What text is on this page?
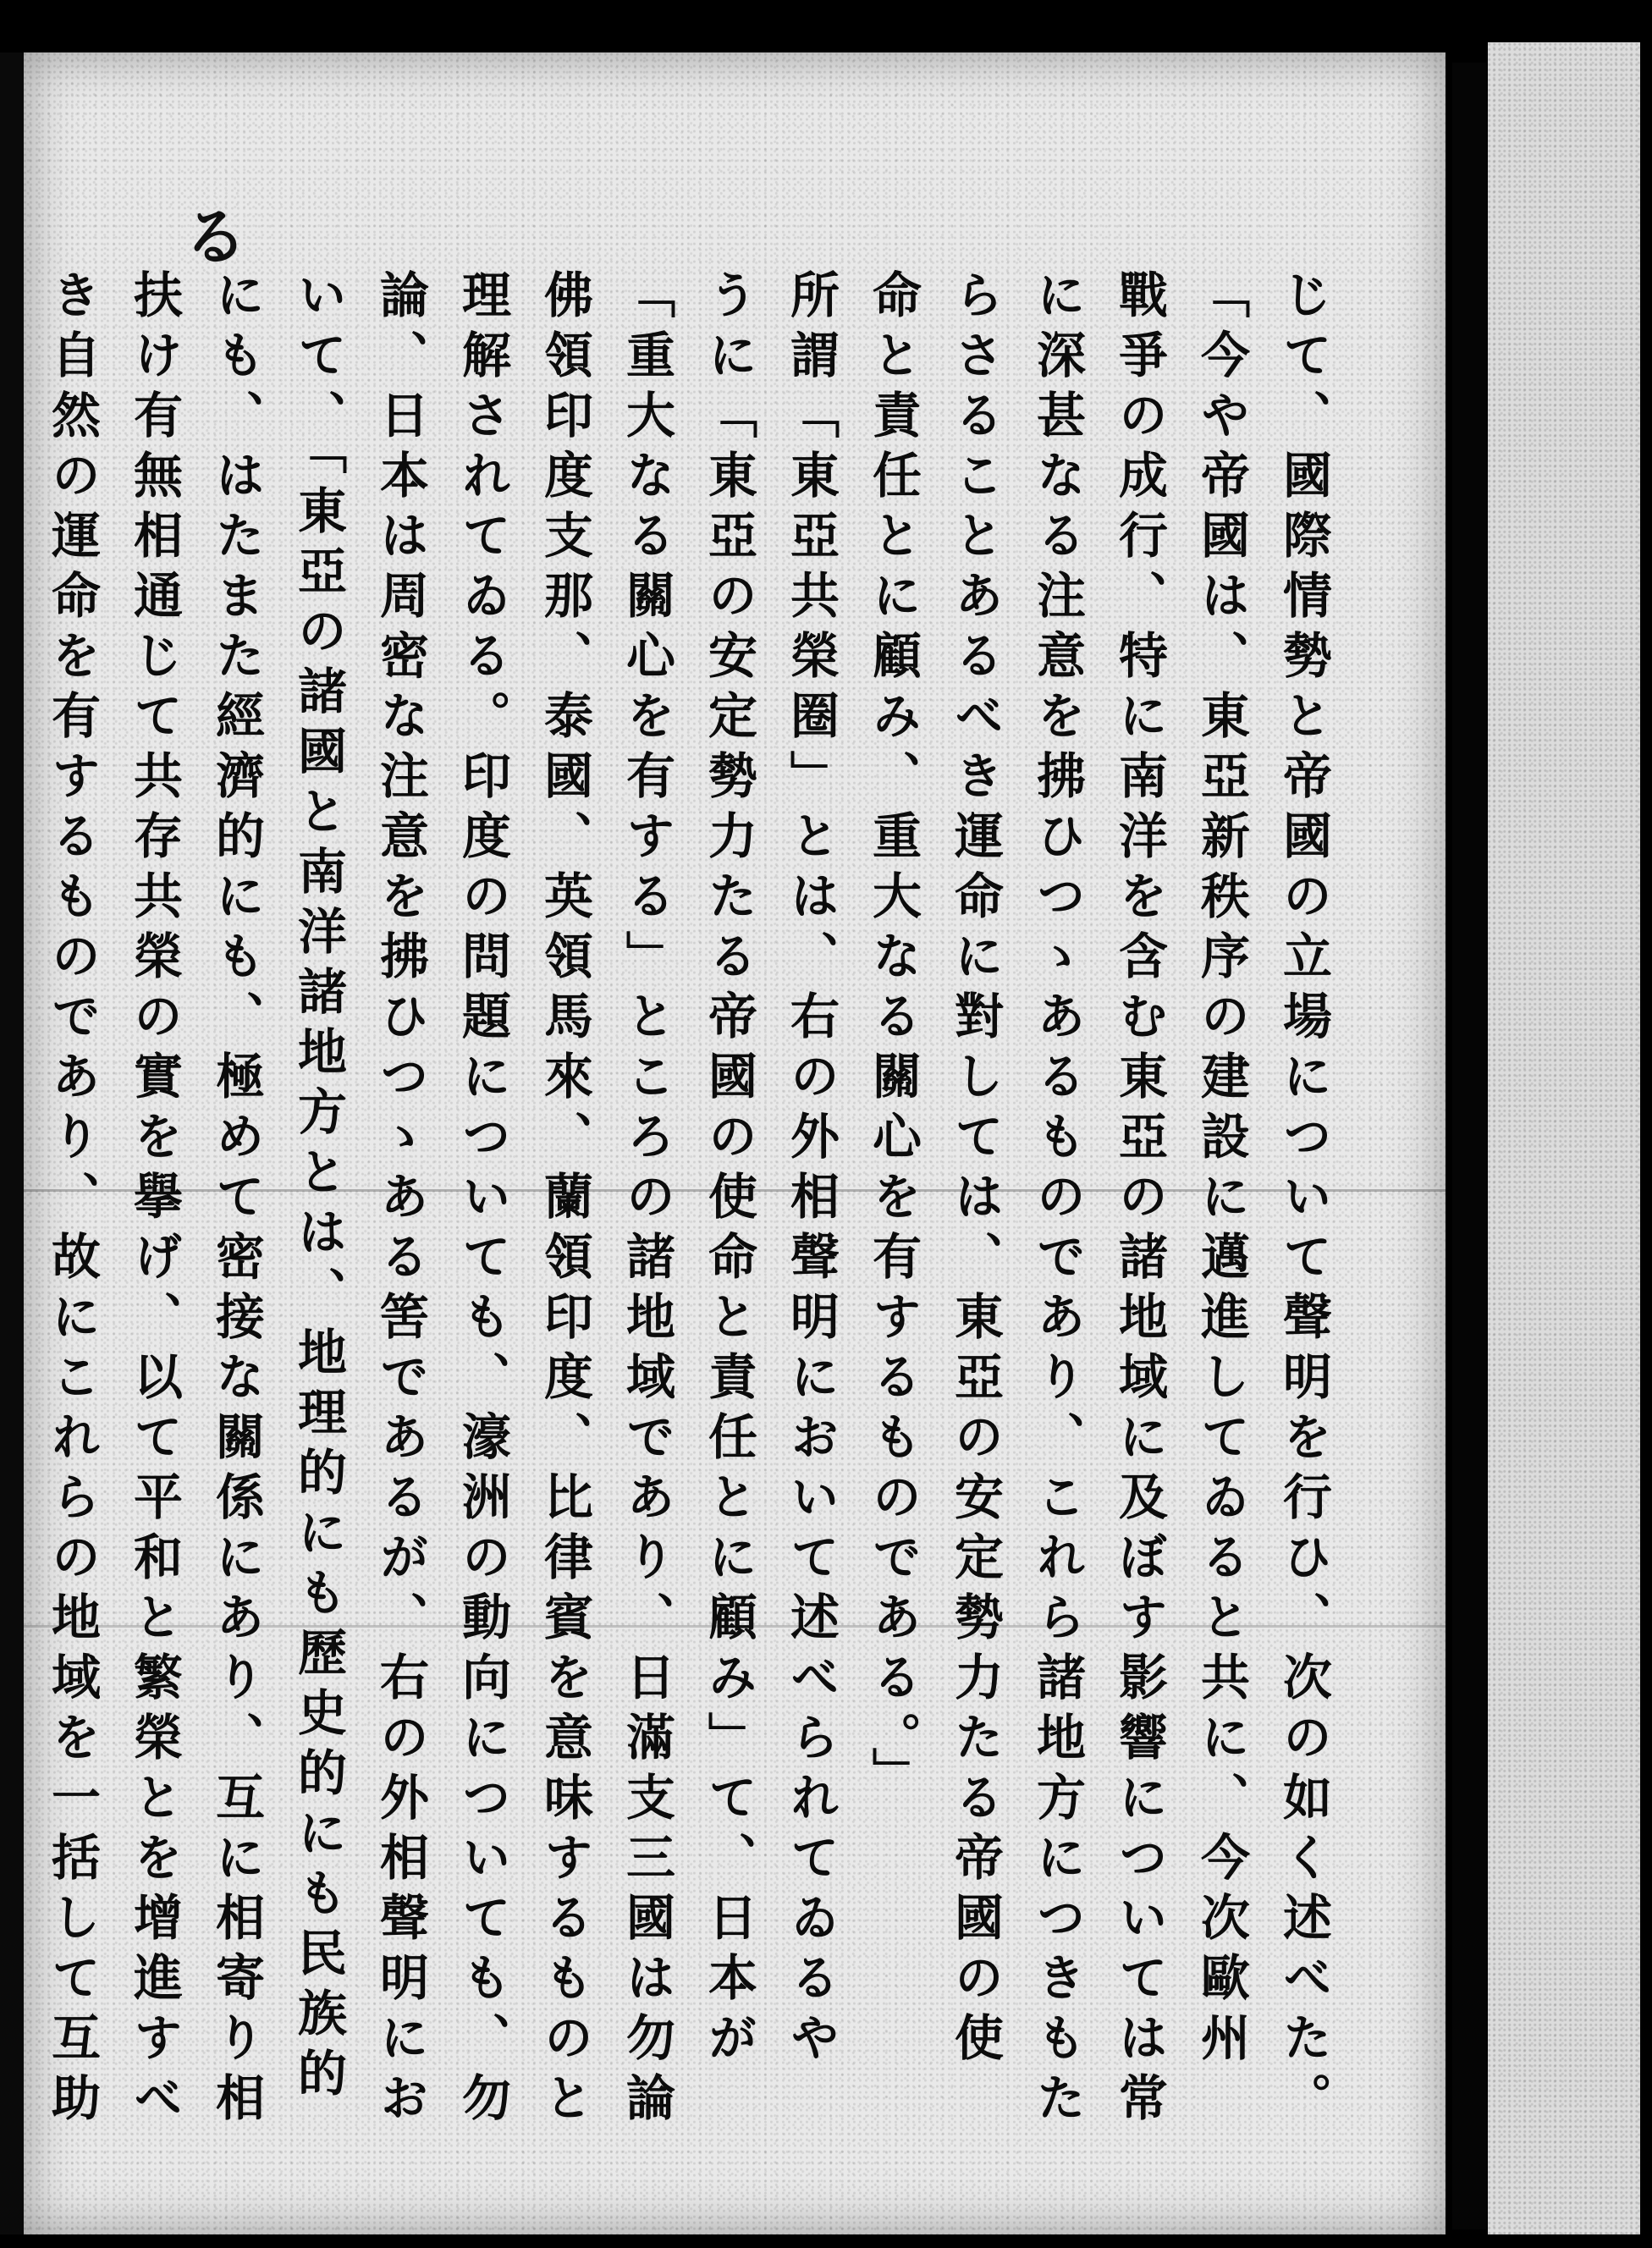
る
じて、國際情勢と帝國の立場について聲明を行ひ、次の如く述べた。
「今や帝國は、東亞新秩序の建設に邁進してゐると共に、今次歐州
戰爭の成行、特に南洋を含む東亞の諸地域に及ぼす影響については常
に深甚なる注意を拂ひつゝあるものであり、これら諸地方につきもた
らさることあるべき運命に對しては、東亞の安定勢力たる帝國の使
命と責任とに顧み、重大なる關心を有するものである。」
所謂「東亞共榮圈」とは、右の外相聲明において述べられてゐるや
うに「東亞の安定勢力たる帝國の使命と責任とに顧み」て、日本が
「重大なる關心を有する」ところの諸地域であり、日滿支三國は勿論
佛領印度支那、泰國、英領馬來、蘭領印度、比律賓を意味するものと
理解されてゐる。印度の問題についても、濠洲の動向についても、勿
論、日本は周密な注意を拂ひつゝある筈であるが、右の外相聲明にお
いて、「東亞の諸國と南洋諸地方とは、地理的にも歷史的にも民族的
にも、はたまた經濟的にも、極めて密接な關係にあり、互に相寄り相
扶け有無相通じて共存共榮の實を擧げ、以て平和と繁榮とを增進すべ
き自然の運命を有するものであり、故にこれらの地域を一括して互助
